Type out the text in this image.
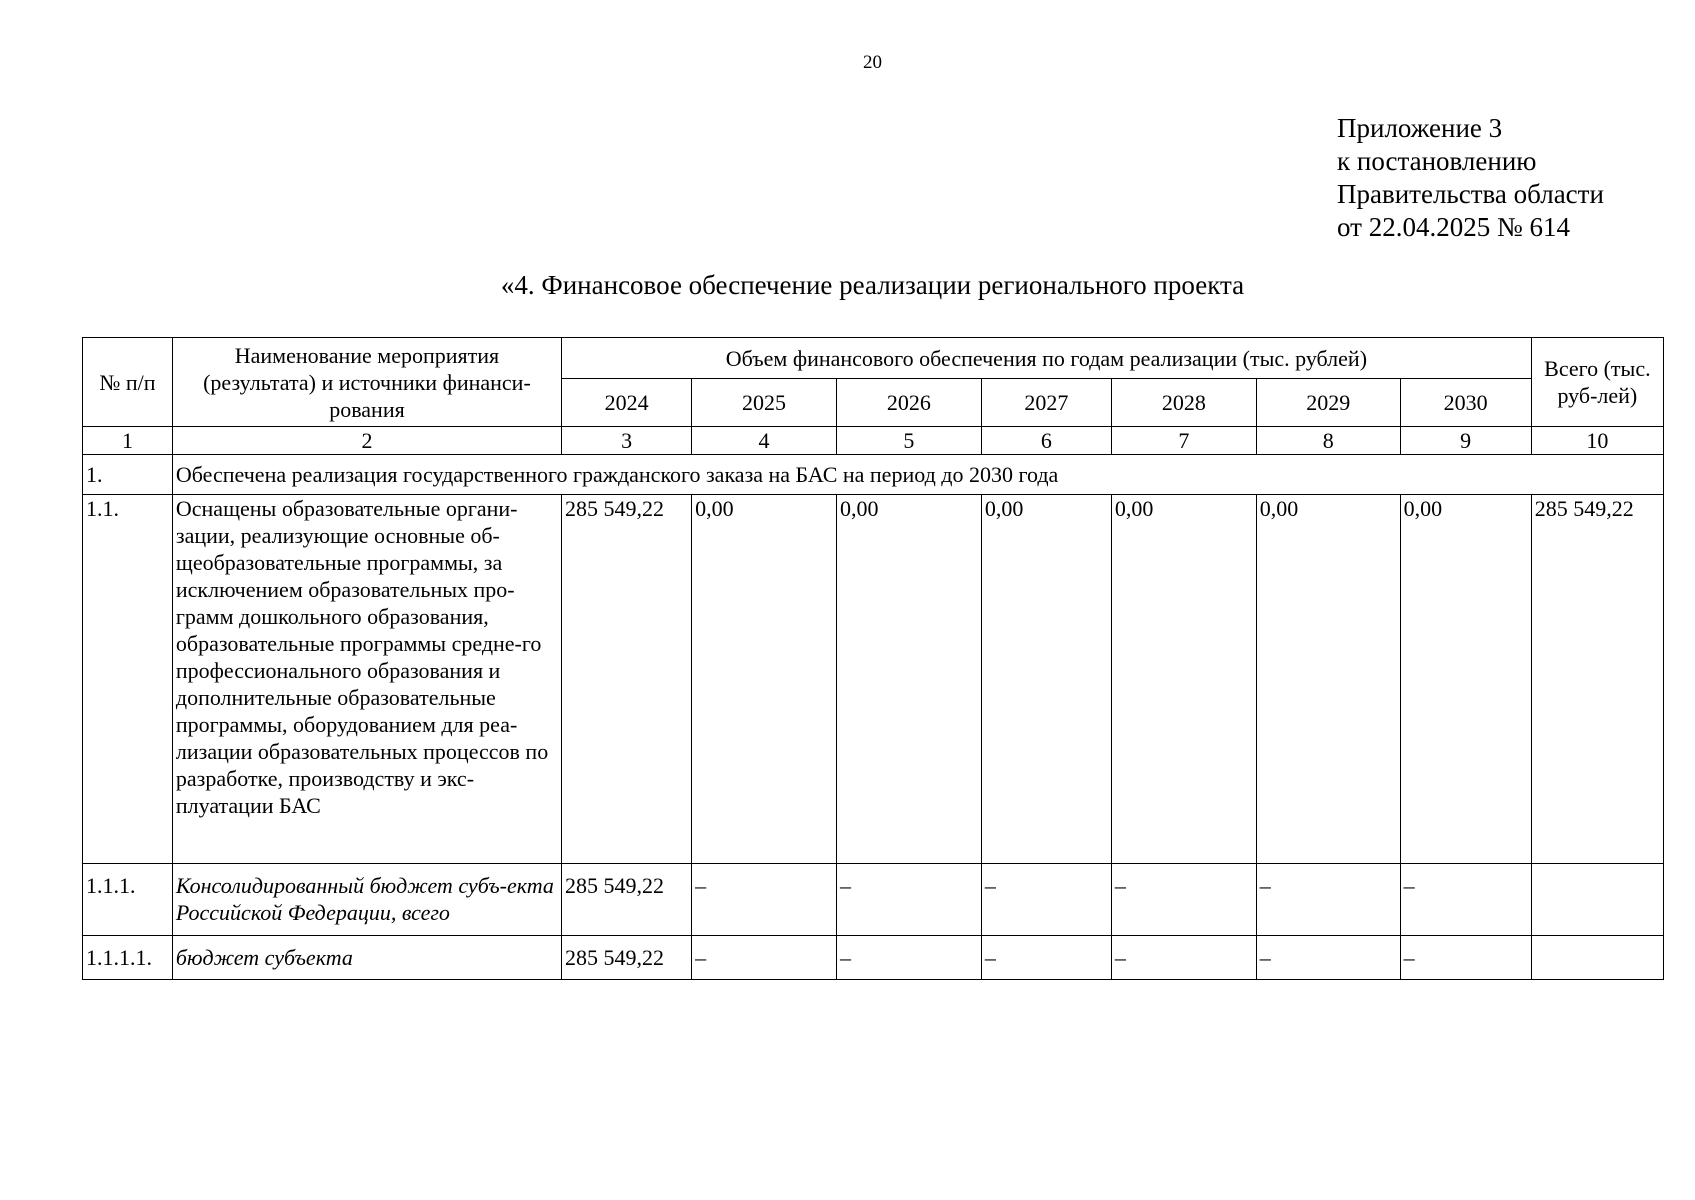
20
Приложение 3
к постановлению
Правительства области
от 22.04.2025 № 614
«4. Финансовое обеспечение реализации регионального проекта
№ п/п	Наименование мероприятия (результата) и источники финанси-рования	Объем финансового обеспечения по годам реализации (тыс. рублей)							Всего (тыс. руб-лей)
		2024	2025	2026	2027	2028	2029	2030	
1	2	3	4	5	6	7	8	9	10
1.	Обеспечена реализация государственного гражданского заказа на БАС на период до 2030 года								
1.1.	Оснащены образовательные органи-зации, реализующие основные об-щеобразовательные программы, за исключением образовательных про-грамм дошкольного образования, образовательные программы средне-го профессионального образования и дополнительные образовательные программы, оборудованием для реа-лизации образовательных процессов по разработке, производству и экс-плуатации БАС	285 549,22	0,00	0,00	0,00	0,00	0,00	0,00	285 549,22
1.1.1.	Консолидированный бюджет субъ-екта Российской Федерации, всего	285 549,22	–	–	–	–	–	–	
1.1.1.1.	бюджет субъекта	285 549,22	–	–	–	–	–	–	
